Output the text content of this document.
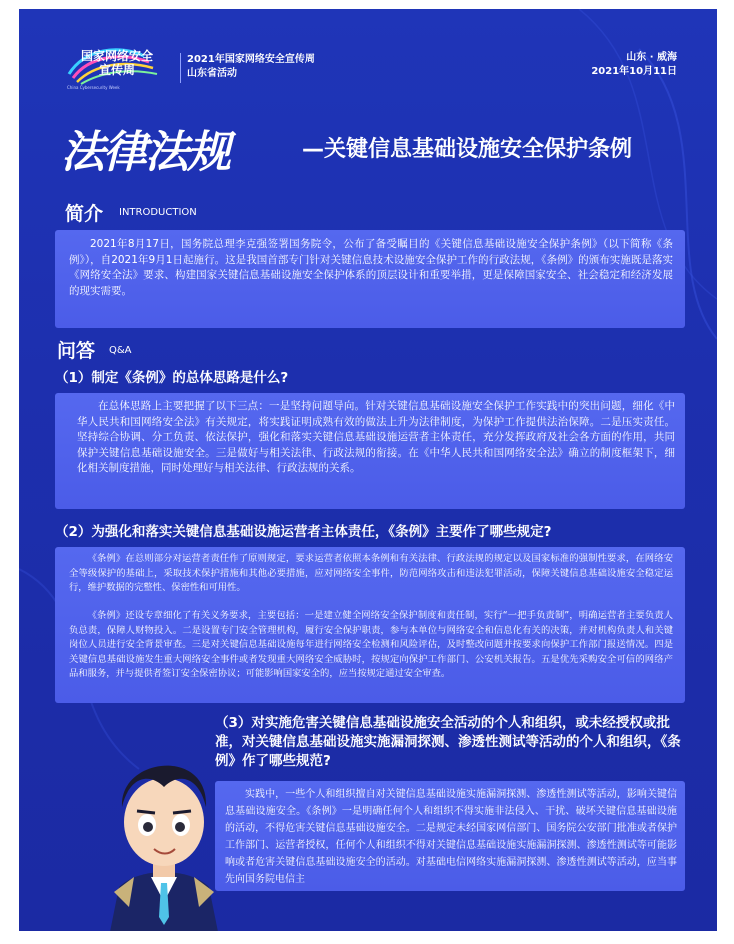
国家网络安全
宣传周
China Cybersecurity Week
2021年国家网络安全宣传周
山东省活动
山东 · 威海
2021年10月11日
法律法规	—关键信息基础设施安全保护条例
简介 INTRODUCTION
2021年8月17日，国务院总理李克强签署国务院令，公布了备受瞩目的《关键信息基础设施安全保护条例》（以下简称《条例》），自2021年9月1日起施行。这是我国首部专门针对关键信息技术设施安全保护工作的行政法规，《条例》的颁布实施既是落实《网络安全法》要求、构建国家关键信息基础设施安全保护体系的顶层设计和重要举措，更是保障国家安全、社会稳定和经济发展的现实需要。
问答 Q&A
（1）制定《条例》的总体思路是什么?
在总体思路上主要把握了以下三点：一是坚持问题导向。针对关键信息基础设施安全保护工作实践中的突出问题，细化《中华人民共和国网络安全法》有关规定，将实践证明成熟有效的做法上升为法律制度，为保护工作提供法治保障。二是压实责任。坚持综合协调、分工负责、依法保护，强化和落实关键信息基础设施运营者主体责任，充分发挥政府及社会各方面的作用，共同保护关键信息基础设施安全。三是做好与相关法律、行政法规的衔接。在《中华人民共和国网络安全法》确立的制度框架下，细化相关制度措施，同时处理好与相关法律、行政法规的关系。
（2）为强化和落实关键信息基础设施运营者主体责任，《条例》主要作了哪些规定?
《条例》在总则部分对运营者责任作了原则规定，要求运营者依照本条例和有关法律、行政法规的规定以及国家标准的强制性要求，在网络安全等级保护的基础上，采取技术保护措施和其他必要措施，应对网络安全事件，防范网络攻击和违法犯罪活动，保障关键信息基础设施安全稳定运行，维护数据的完整性、保密性和可用性。
《条例》还设专章细化了有关义务要求，主要包括：一是建立健全网络安全保护制度和责任制，实行“一把手负责制”，明确运营者主要负责人负总责，保障人财物投入。二是设置专门安全管理机构，履行安全保护职责，参与本单位与网络安全和信息化有关的决策，并对机构负责人和关键岗位人员进行安全背景审查。三是对关键信息基础设施每年进行网络安全检测和风险评估，及时整改问题并按要求向保护工作部门报送情况。四是关键信息基础设施发生重大网络安全事件或者发现重大网络安全威胁时，按规定向保护工作部门、公安机关报告。五是优先采购安全可信的网络产品和服务，并与提供者签订安全保密协议；可能影响国家安全的，应当按规定通过安全审查。
（3）对实施危害关键信息基础设施安全活动的个人和组织，或未经授权或批准，对关键信息基础设施实施漏洞探测、渗透性测试等活动的个人和组织，《条例》作了哪些规范?
实践中，一些个人和组织擅自对关键信息基础设施实施漏洞探测、渗透性测试等活动，影响关键信息基础设施安全。《条例》一是明确任何个人和组织不得实施非法侵入、干扰、破坏关键信息基础设施的活动，不得危害关键信息基础设施安全。二是规定未经国家网信部门、国务院公安部门批准或者保护工作部门、运营者授权，任何个人和组织不得对关键信息基础设施实施漏洞探测、渗透性测试等可能影响或者危害关键信息基础设施安全的活动。对基础电信网络实施漏洞探测、渗透性测试等活动，应当事先向国务院电信主
